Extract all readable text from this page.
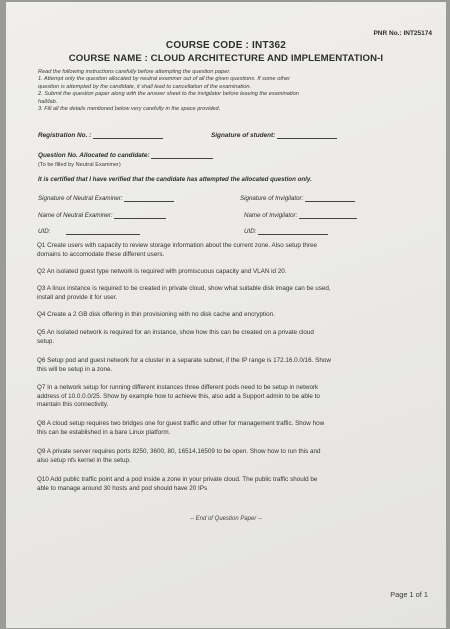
PNR No.: INT25174
COURSE CODE : INT362
COURSE NAME : CLOUD ARCHITECTURE AND IMPLEMENTATION-I
Read the following instructions carefully before attempting the question paper.
1. Attempt only the question allocated by neutral examiner out of all the given questions. If some other
question is attempted by the candidate, it shall lead to cancellation of the examination.
2. Submit the question paper along with the answer sheet to the invigilator before leaving the examination
hall/lab.
3. Fill all the details mentioned below very carefully in the space provided.
Registration No. :	Signature of student:
Question No. Allocated to candidate:
(To be filled by Neutral Examiner)
It is certified that I have verified that the candidate has attempted the allocated question only.
Signature of Neutral Examiner:	Signature of Invigilator:
Name of Neutral Examiner:	Name of Invigilator:
UID:	UID:
Q1 Create users with capacity to review storage information about the current zone. Also setup three
domains to accomodate these different users.
Q2 An isolated guest type network is required with promiscuous capacity and VLAN id 20.
Q3 A linux instance is required to be created in private cloud, show what suitable disk image can be used,
install and provide it for user.
Q4 Create a 2 GB disk offering in thin provisioning with no disk cache and encryption.
Q5 An isolated network is required for an instance, show how this can be created on a private cloud
setup.
Q6 Setup pod and guest network for a cluster in a separate subnet, if the IP range is 172.16.0.0/16. Show
this will be setup in a zone.
Q7 In a network setup for running different instances three different pods need to be setup in network
address of 10.0.0.0/25. Show by example how to achieve this, also add a Support admin to be able to
maintain this connectivity.
Q8 A cloud setup requires two bridges one for guest traffic and other for management traffic. Show how
this can be established in a bare Linux platform.
Q9 A private server requires ports 8250, 3600, 80, 16514,16509 to be open. Show how to run this and
also setup nfs kernel in the setup.
Q10 Add public traffic point and a pod inside a zone in your private cloud. The public traffic should be
able to manage around 30 hosts and pod should have 20 IPs
-- End of Question Paper --
Page 1 of 1
